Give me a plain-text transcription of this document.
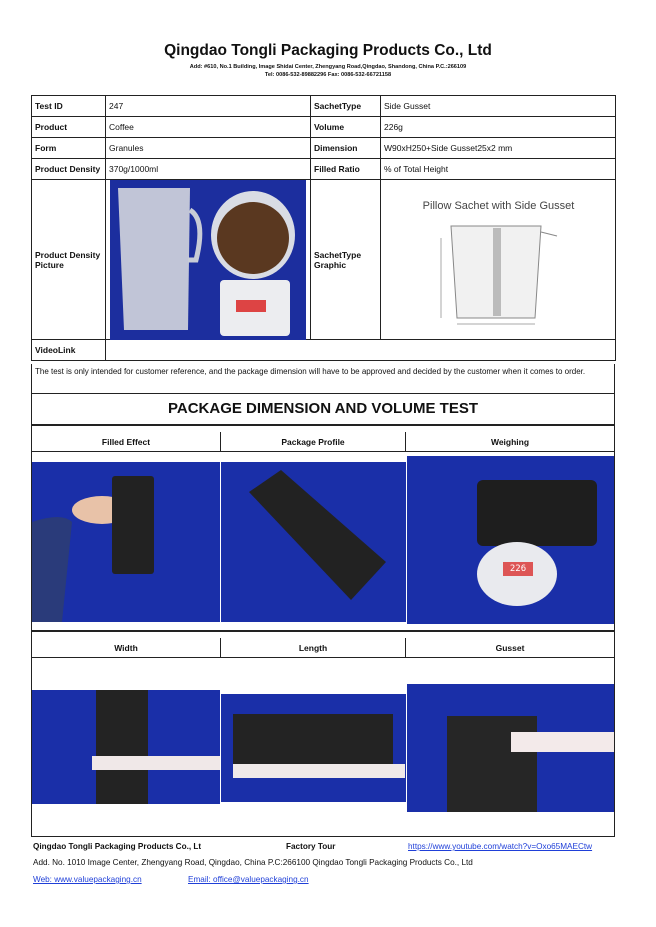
Qingdao Tongli Packaging Products Co., Ltd
Add: #610, No.1 Building, Image Shidai Center, Zhengyang Road,Qingdao, Shandong, China P.C.:266109
Tel: 0086-532-89882296 Fax: 0086-532-66721158
Test ID	247	SachetType	Side Gusset
Product	Coffee	Volume	226g
Form	Granules	Dimension	W90xH250+Side Gusset25x2 mm
Product Density	370g/1000ml	Filled Ratio	% of Total Height
Product Density Picture		SachetType Graphic	Pillow Sachet with Side Gusset

VideoLink			
The test is only intended for customer reference, and the package dimension will have to be approved and decided by the customer when it comes to order.
PACKAGE DIMENSION AND VOLUME TEST
Filled Effect	Package Profile	Weighing
226
Width	Length	Gusset
Qingdao Tongli Packaging Products Co., Lt	Factory Tour	https://www.youtube.com/watch?v=Oxo65MAECtw
Add. No. 1010 Image Center, Zhengyang Road, Qingdao, China P.C:266100 Qingdao Tongli Packaging Products Co., Ltd
Web: www.valuepackaging.cn	Email: office@valuepackaging.cn
